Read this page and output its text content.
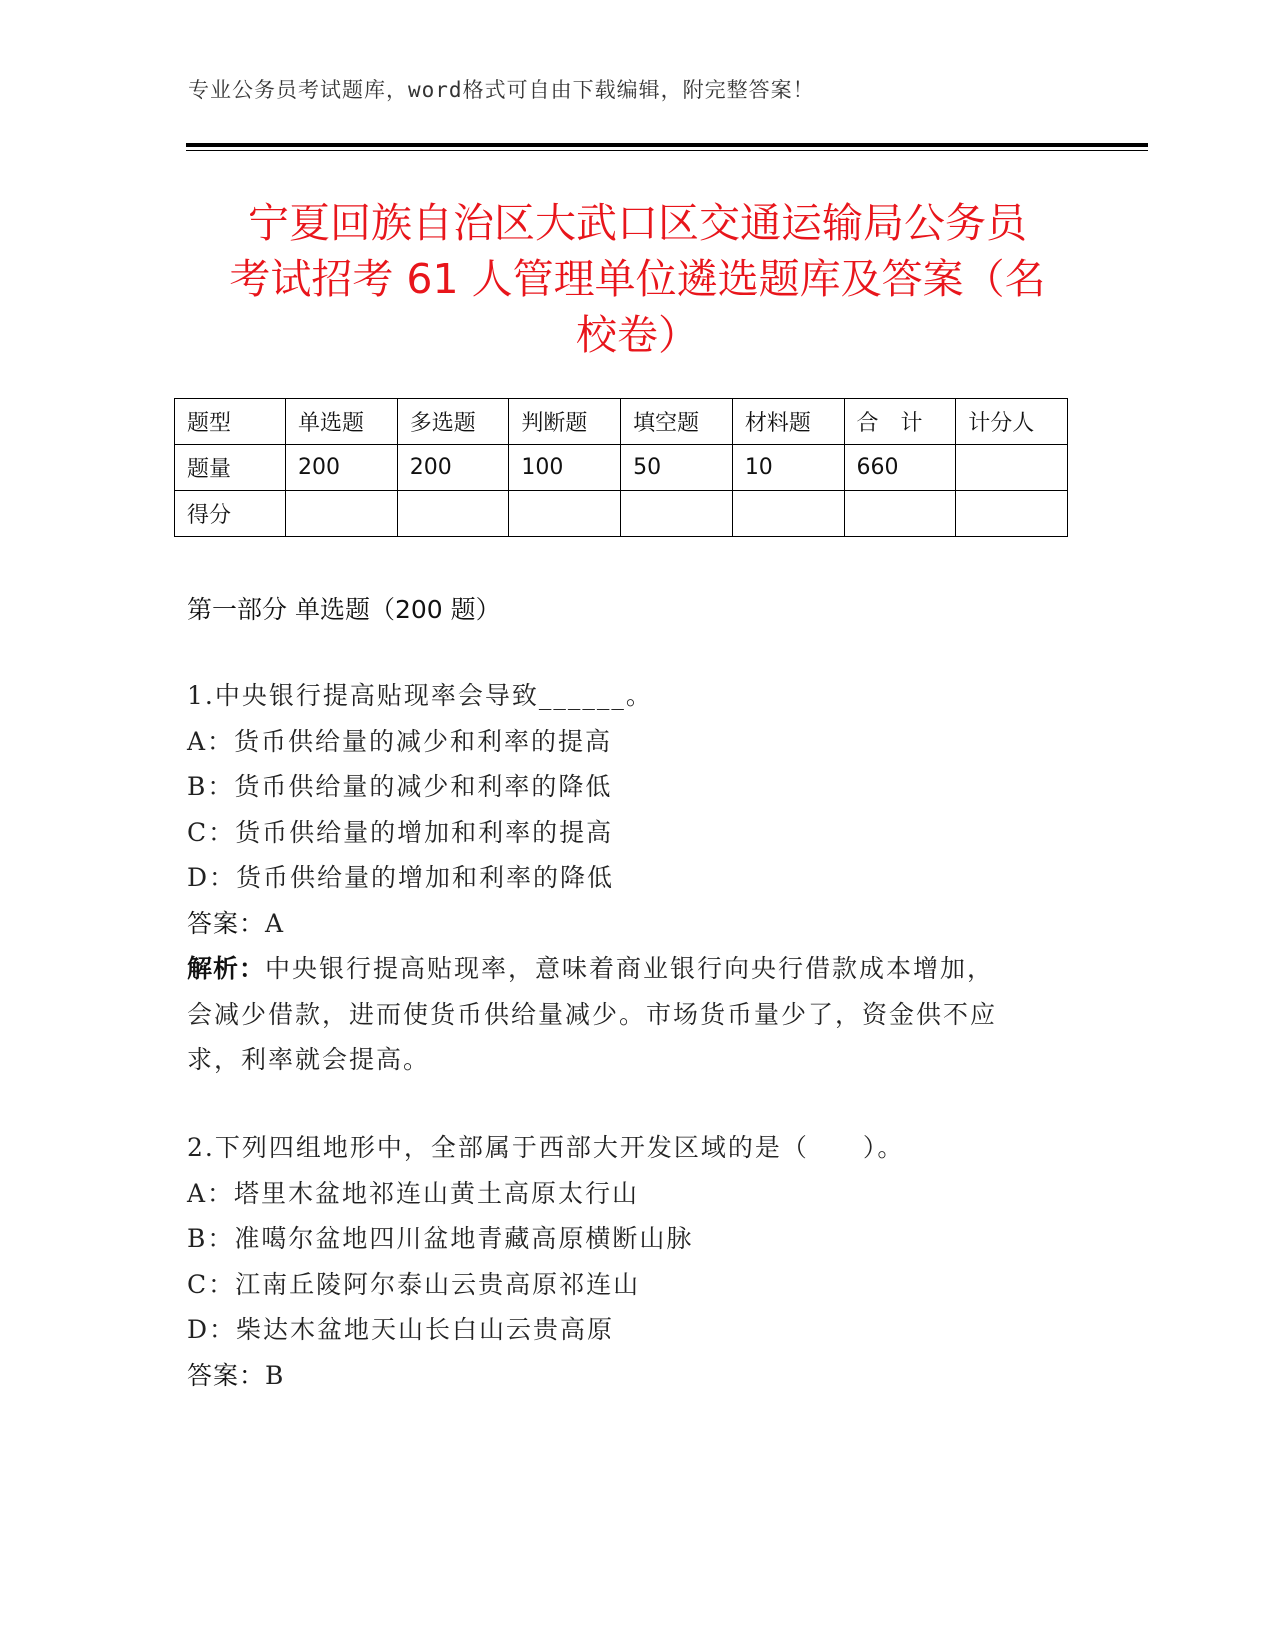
专业公务员考试题库，word格式可自由下载编辑，附完整答案！
宁夏回族自治区大武口区交通运输局公务员
考试招考 61 人管理单位遴选题库及答案（名
校卷）
题型	单选题	多选题	判断题	填空题	材料题	合　计	计分人
题量	200	200	100	50	10	660	
得分							
第一部分 单选题（200 题）
1.中央银行提高贴现率会导致______。
A：货币供给量的减少和利率的提高
B：货币供给量的减少和利率的降低
C：货币供给量的增加和利率的提高
D：货币供给量的增加和利率的降低
答案：A
解析：中央银行提高贴现率，意味着商业银行向央行借款成本增加，
会减少借款，进而使货币供给量减少。市场货币量少了，资金供不应
求，利率就会提高。
2.下列四组地形中，全部属于西部大开发区域的是（　　）。
A：塔里木盆地祁连山黄土高原太行山
B：准噶尔盆地四川盆地青藏高原横断山脉
C：江南丘陵阿尔泰山云贵高原祁连山
D：柴达木盆地天山长白山云贵高原
答案：B
